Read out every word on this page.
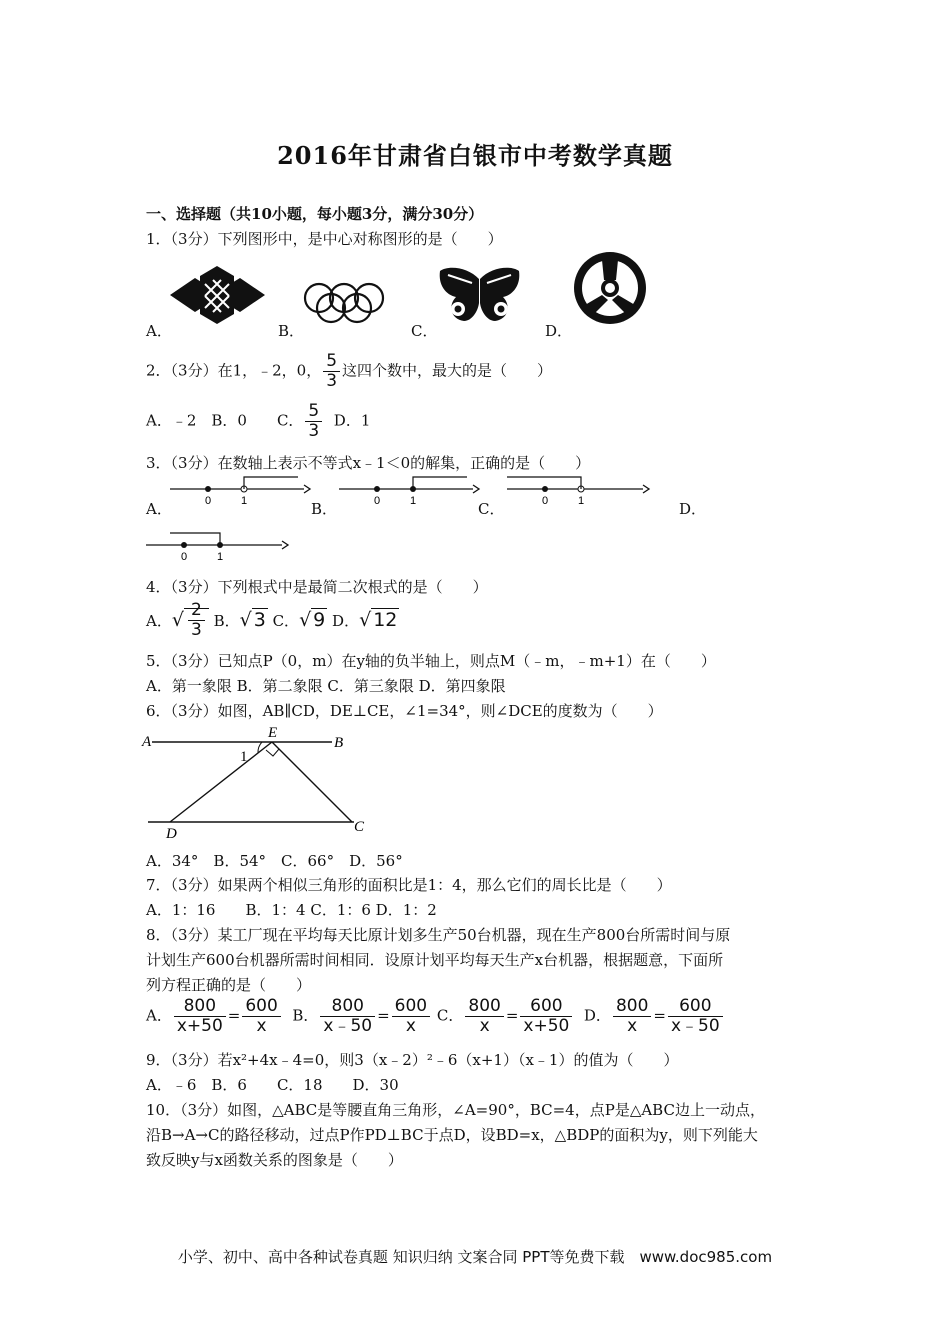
2016年甘肃省白银市中考数学真题
一、选择题（共10小题，每小题3分，满分30分）
1．（3分）下列图形中，是中心对称图形的是（　　）
A．	B．	C．	D．
2．（3分）在1，﹣2，0， $\frac{5}{3}$ 这四个数中，最大的是（　　）
A．﹣2　B．0　　C． $\frac{5}{3}$ D．1
3．（3分）在数轴上表示不等式x﹣1＜0的解集，正确的是（　　）
0	1
A．	0	1
B．	0	1
C．	D．
0	1
4．（3分）下列根式中是最简二次根式的是（　　）
A．√ $\frac{2}{3}$ B．√ 3 C．√ 9 D．√ 12
5．（3分）已知点P（0，m）在y轴的负半轴上，则点M（﹣m，﹣m+1）在（　　）
A．第一象限 B．第二象限 C．第三象限 D．第四象限
6．（3分）如图，AB∥CD，DE⊥CE，∠1=34°，则∠DCE的度数为（　　）
A	B
E
D	C
1
A．34°　B．54°　C．66°　D．56°
7．（3分）如果两个相似三角形的面积比是1：4，那么它们的周长比是（　　）
A．1：16　　B．1：4 C．1：6 D．1：2
8．（3分）某工厂现在平均每天比原计划多生产50台机器，现在生产800台所需时间与原
计划生产600台机器所需时间相同．设原计划平均每天生产x台机器，根据题意，下面所
列方程正确的是（　　）
A． $\frac{800}{x+50} = \frac{600}{x}$ B． $\frac{800}{x﹣50} = \frac{600}{x}$ C． $\frac{800}{x} = \frac{600}{x+50}$ D． $\frac{800}{x} = \frac{600}{x﹣50}$
9．（3分）若x²+4x﹣4=0，则3（x﹣2）²﹣6（x+1）（x﹣1）的值为（　　）
A．﹣6　B．6　　C．18　　D．30
10．（3分）如图，△ABC是等腰直角三角形，∠A=90°，BC=4，点P是△ABC边上一动点，
沿B→A→C的路径移动，过点P作PD⊥BC于点D，设BD=x，△BDP的面积为y，则下列能大
致反映y与x函数关系的图象是（　　）
小学、初中、高中各种试卷真题 知识归纳 文案合同 PPT等免费下载　www.doc985.com
